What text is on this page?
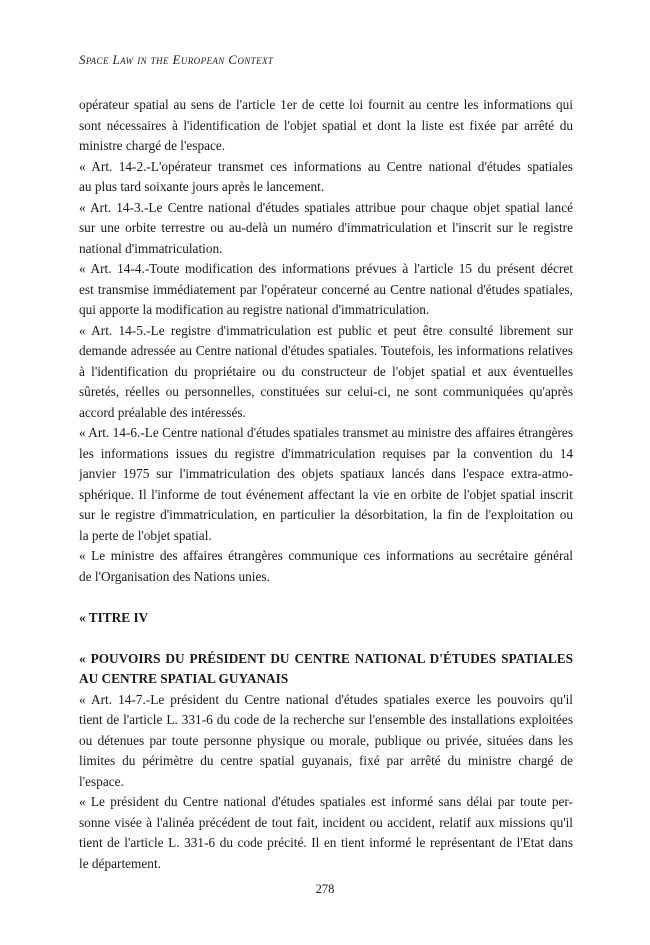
Space Law in the European Context
opérateur spatial au sens de l'article 1er de cette loi fournit au centre les informations qui
sont nécessaires à l'identification de l'objet spatial et dont la liste est fixée par arrêté du
ministre chargé de l'espace.
« Art. 14-2.-L'opérateur transmet ces informations au Centre national d'études spatiales
au plus tard soixante jours après le lancement.
« Art. 14-3.-Le Centre national d'études spatiales attribue pour chaque objet spatial lancé
sur une orbite terrestre ou au-delà un numéro d'immatriculation et l'inscrit sur le registre
national d'immatriculation.
« Art. 14-4.-Toute modification des informations prévues à l'article 15 du présent décret
est transmise immédiatement par l'opérateur concerné au Centre national d'études spatiales,
qui apporte la modification au registre national d'immatriculation.
« Art. 14-5.-Le registre d'immatriculation est public et peut être consulté librement sur
demande adressée au Centre national d'études spatiales. Toutefois, les informations relatives
à l'identification du propriétaire ou du constructeur de l'objet spatial et aux éventuelles
sûretés, réelles ou personnelles, constituées sur celui-ci, ne sont communiquées qu'après
accord préalable des intéressés.
« Art. 14-6.-Le Centre national d'études spatiales transmet au ministre des affaires étrangères
les informations issues du registre d'immatriculation requises par la convention du 14
janvier 1975 sur l'immatriculation des objets spatiaux lancés dans l'espace extra-atmo-
sphérique. Il l'informe de tout événement affectant la vie en orbite de l'objet spatial inscrit
sur le registre d'immatriculation, en particulier la désorbitation, la fin de l'exploitation ou
la perte de l'objet spatial.
« Le ministre des affaires étrangères communique ces informations au secrétaire général
de l'Organisation des Nations unies.
« TITRE IV
« POUVOIRS DU PRÉSIDENT DU CENTRE NATIONAL D'ÉTUDES SPATIALES
AU CENTRE SPATIAL GUYANAIS
« Art. 14-7.-Le président du Centre national d'études spatiales exerce les pouvoirs qu'il
tient de l'article L. 331-6 du code de la recherche sur l'ensemble des installations exploitées
ou détenues par toute personne physique ou morale, publique ou privée, situées dans les
limites du périmètre du centre spatial guyanais, fixé par arrêté du ministre chargé de
l'espace.
« Le président du Centre national d'études spatiales est informé sans délai par toute per-
sonne visée à l'alinéa précédent de tout fait, incident ou accident, relatif aux missions qu'il
tient de l'article L. 331-6 du code précité. Il en tient informé le représentant de l'Etat dans
le département.
278
